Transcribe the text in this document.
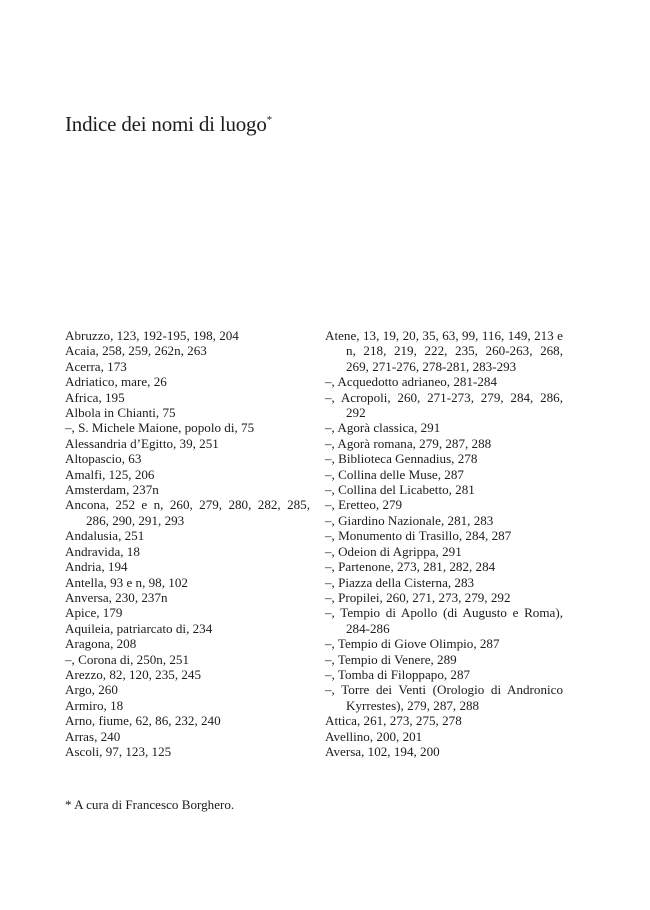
Indice dei nomi di luogo*
Abruzzo, 123, 192-195, 198, 204
Acaia, 258, 259, 262n, 263
Acerra, 173
Adriatico, mare, 26
Africa, 195
Albola in Chianti, 75
–, S. Michele Maione, popolo di, 75
Alessandria d’Egitto, 39, 251
Altopascio, 63
Amalfi, 125, 206
Amsterdam, 237n
Ancona, 252 e n, 260, 279, 280, 282, 285, 286, 290, 291, 293
Andalusia, 251
Andravida, 18
Andria, 194
Antella, 93 e n, 98, 102
Anversa, 230, 237n
Apice, 179
Aquileia, patriarcato di, 234
Aragona, 208
–, Corona di, 250n, 251
Arezzo, 82, 120, 235, 245
Argo, 260
Armiro, 18
Arno, fiume, 62, 86, 232, 240
Arras, 240
Ascoli, 97, 123, 125
Atene, 13, 19, 20, 35, 63, 99, 116, 149, 213 e n, 218, 219, 222, 235, 260-263, 268, 269, 271-276, 278-281, 283-293
–, Acquedotto adrianeo, 281-284
–, Acropoli, 260, 271-273, 279, 284, 286, 292
–, Agorà classica, 291
–, Agorà romana, 279, 287, 288
–, Biblioteca Gennadius, 278
–, Collina delle Muse, 287
–, Collina del Licabetto, 281
–, Eretteo, 279
–, Giardino Nazionale, 281, 283
–, Monumento di Trasillo, 284, 287
–, Odeion di Agrippa, 291
–, Partenone, 273, 281, 282, 284
–, Piazza della Cisterna, 283
–, Propilei, 260, 271, 273, 279, 292
–, Tempio di Apollo (di Augusto e Roma), 284-286
–, Tempio di Giove Olimpio, 287
–, Tempio di Venere, 289
–, Tomba di Filoppapo, 287
–, Torre dei Venti (Orologio di Andronico Kyrrestes), 279, 287, 288
Attica, 261, 273, 275, 278
Avellino, 200, 201
Aversa, 102, 194, 200
* A cura di Francesco Borghero.
